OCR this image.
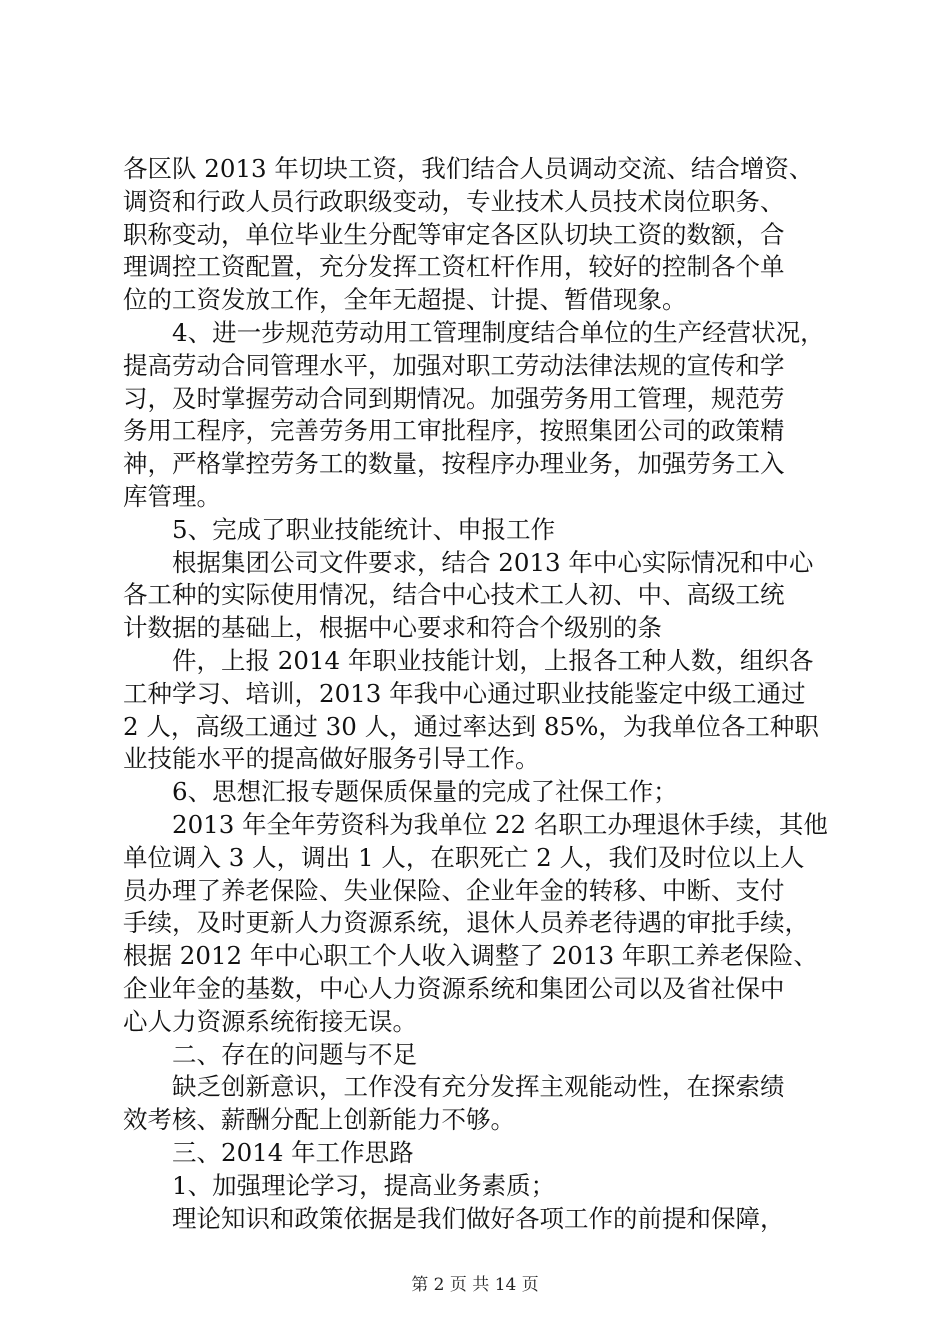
各区队 2013 年切块工资，我们结合人员调动交流、结合增资、
调资和行政人员行政职级变动，专业技术人员技术岗位职务、
职称变动，单位毕业生分配等审定各区队切块工资的数额，合
理调控工资配置，充分发挥工资杠杆作用，较好的控制各个单
位的工资发放工作，全年无超提、计提、暂借现象。
4、进一步规范劳动用工管理制度结合单位的生产经营状况，
提高劳动合同管理水平，加强对职工劳动法律法规的宣传和学
习，及时掌握劳动合同到期情况。加强劳务用工管理，规范劳
务用工程序，完善劳务用工审批程序，按照集团公司的政策精
神，严格掌控劳务工的数量，按程序办理业务，加强劳务工入
库管理。
5、完成了职业技能统计、申报工作
根据集团公司文件要求，结合 2013 年中心实际情况和中心
各工种的实际使用情况，结合中心技术工人初、中、高级工统
计数据的基础上，根据中心要求和符合个级别的条
件，上报 2014 年职业技能计划，上报各工种人数，组织各
工种学习、培训，2013 年我中心通过职业技能鉴定中级工通过
2 人，高级工通过 30 人，通过率达到 85%，为我单位各工种职
业技能水平的提高做好服务引导工作。
6、思想汇报专题保质保量的完成了社保工作；
2013 年全年劳资科为我单位 22 名职工办理退休手续，其他
单位调入 3 人，调出 1 人，在职死亡 2 人，我们及时位以上人
员办理了养老保险、失业保险、企业年金的转移、中断、支付
手续，及时更新人力资源系统，退休人员养老待遇的审批手续，
根据 2012 年中心职工个人收入调整了 2013 年职工养老保险、
企业年金的基数，中心人力资源系统和集团公司以及省社保中
心人力资源系统衔接无误。
二、存在的问题与不足
缺乏创新意识，工作没有充分发挥主观能动性，在探索绩
效考核、薪酬分配上创新能力不够。
三、2014 年工作思路
1、加强理论学习，提高业务素质；
理论知识和政策依据是我们做好各项工作的前提和保障，
第 2 页 共 14 页
